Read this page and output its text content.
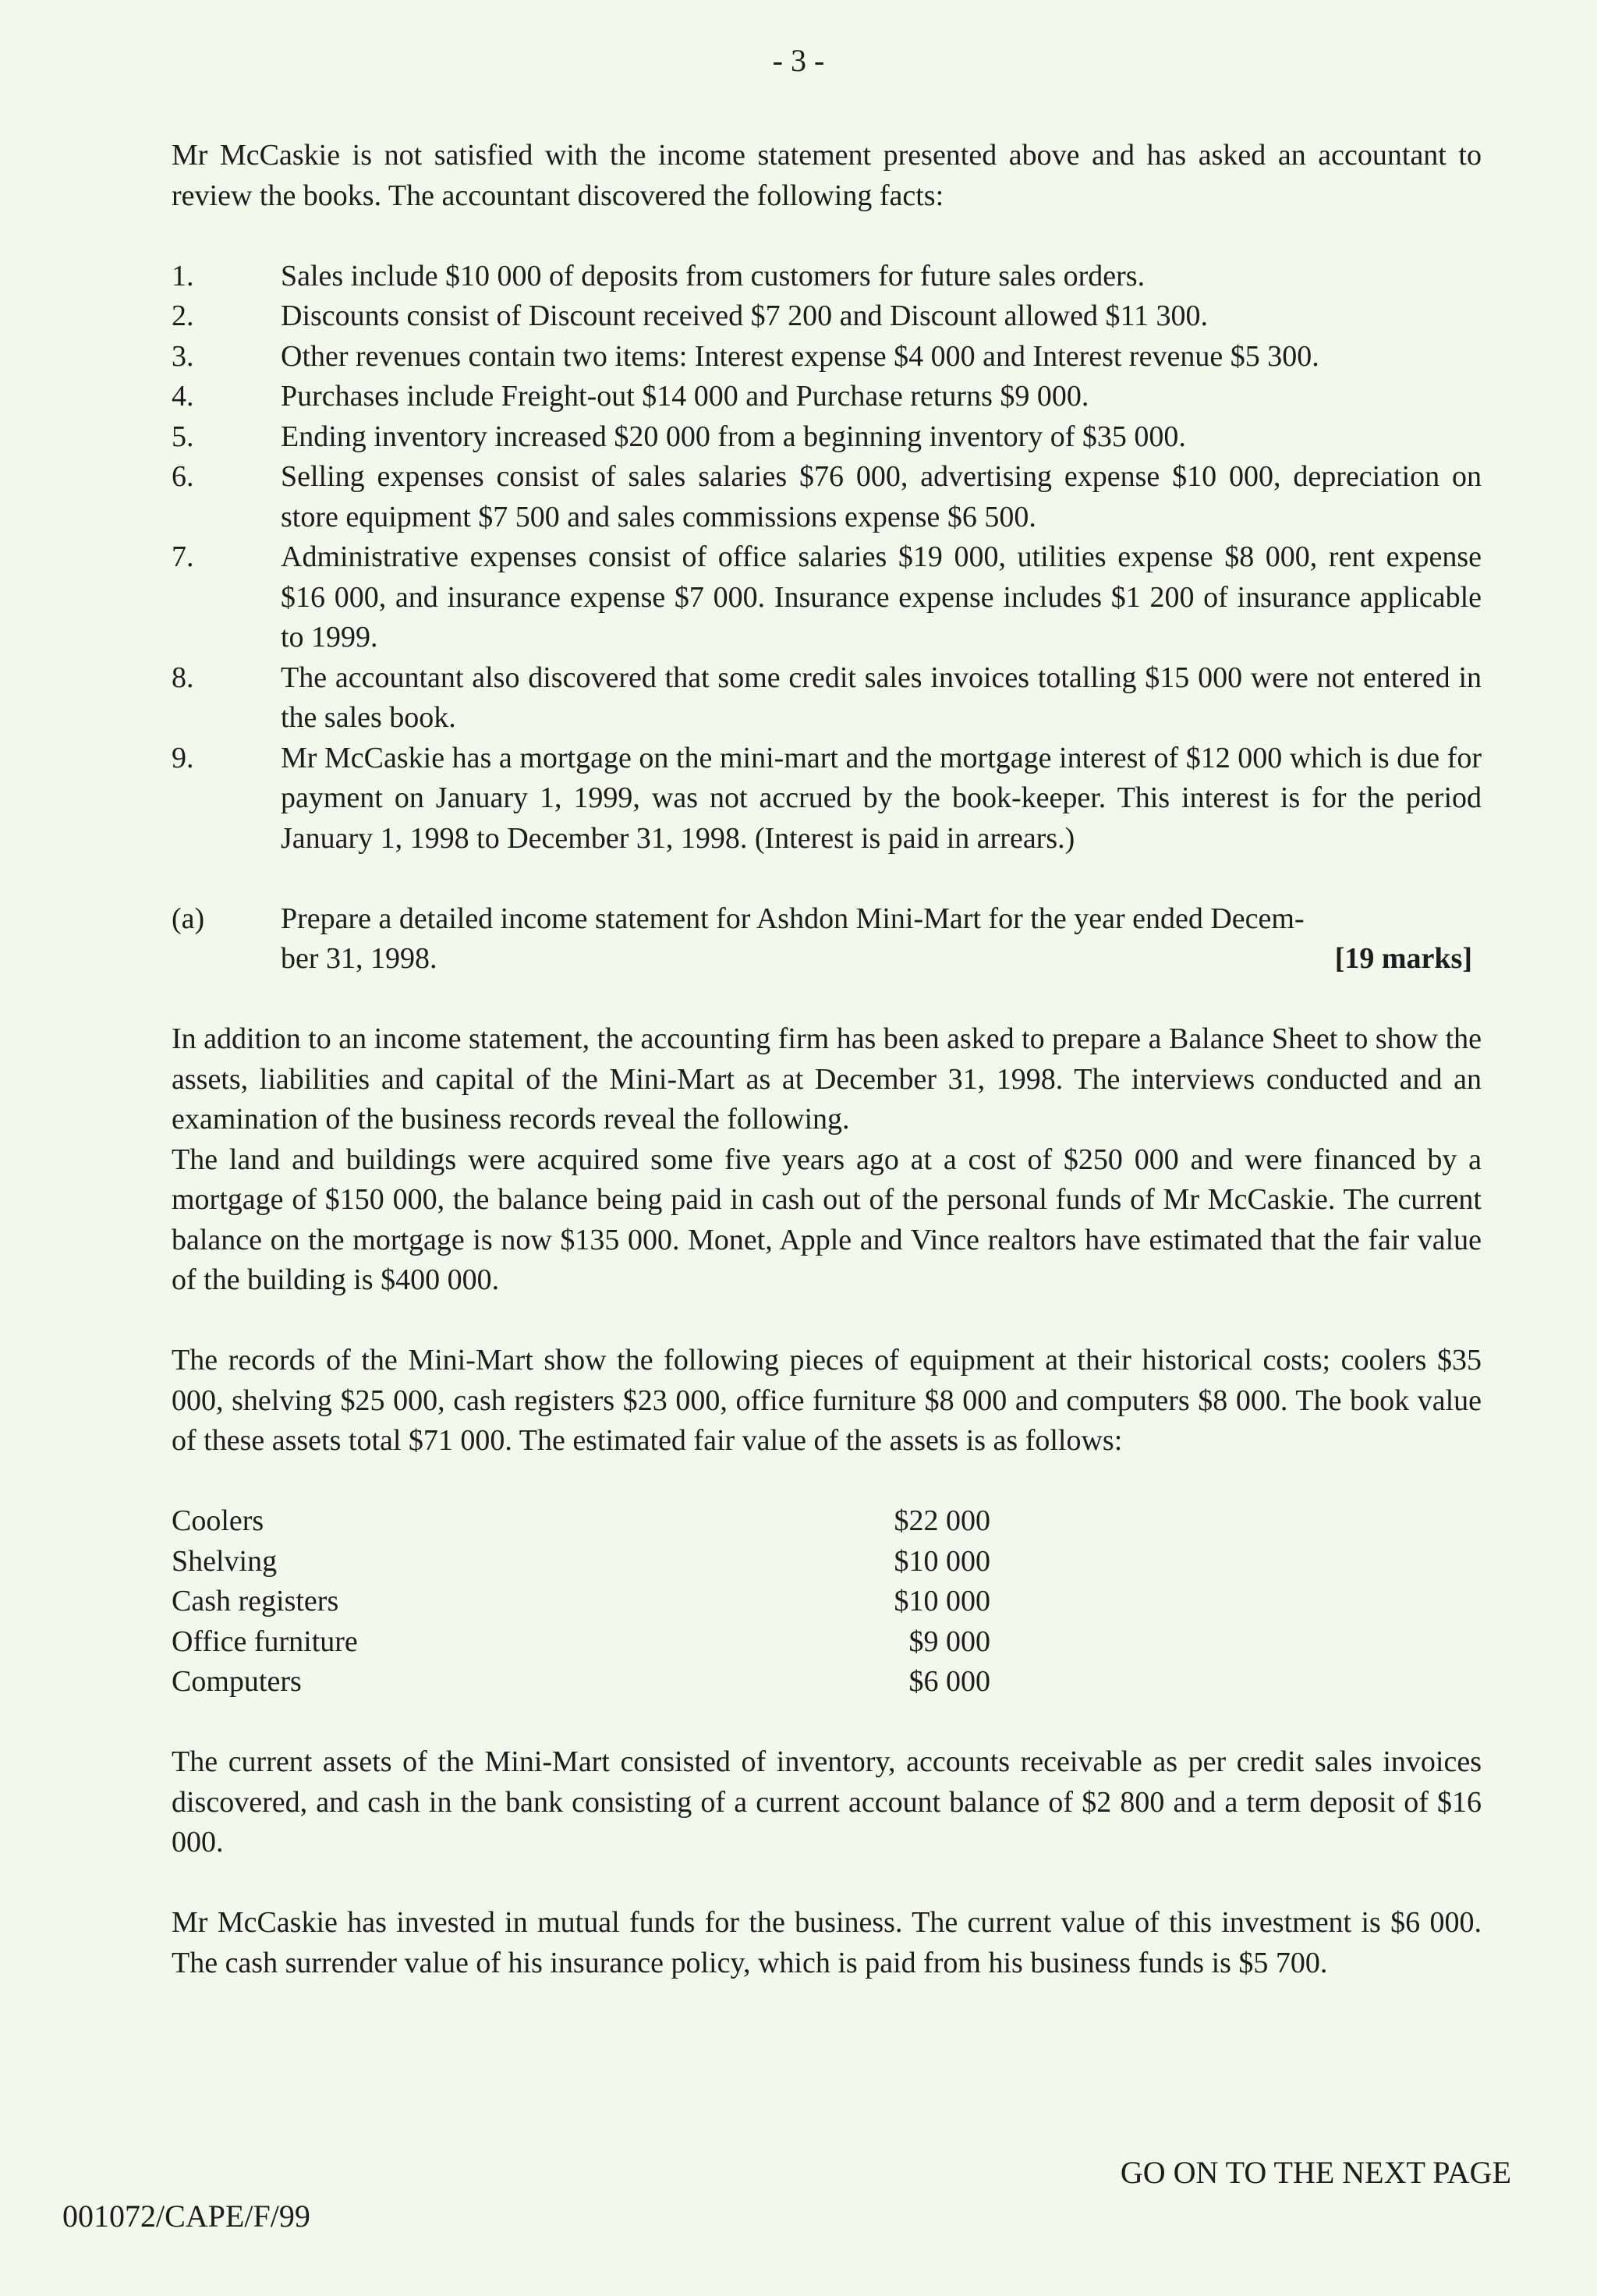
- 3 -

Mr McCaskie is not satisfied with the income statement presented above and has asked an accountant to review the books. The accountant discovered the following facts:

1.	Sales include $10 000 of deposits from customers for future sales orders.
2.	Discounts consist of Discount received $7 200 and Discount allowed $11 300.
3.	Other revenues contain two items: Interest expense $4 000 and Interest revenue $5 300.
4.	Purchases include Freight-out $14 000 and Purchase returns $9 000.
5.	Ending inventory increased $20 000 from a beginning inventory of $35 000.
6.	Selling expenses consist of sales salaries $76 000, advertising expense $10 000, depreciation on store equipment $7 500 and sales commissions expense $6 500.
7.	Administrative expenses consist of office salaries $19 000, utilities expense $8 000, rent expense $16 000, and insurance expense $7 000. Insurance expense includes $1 200 of insurance applicable to 1999.
8.	The accountant also discovered that some credit sales invoices totalling $15 000 were not entered in the sales book.
9.	Mr McCaskie has a mortgage on the mini-mart and the mortgage interest of $12 000 which is due for payment on January 1, 1999, was not accrued by the book-keeper. This interest is for the period January 1, 1998 to December 31, 1998. (Interest is paid in arrears.)
(a)	Prepare a detailed income statement for Ashdon Mini-Mart for the year ended Decem-
ber 31, 1998.	[19 marks]

In addition to an income statement, the accounting firm has been asked to prepare a Balance Sheet to show the assets, liabilities and capital of the Mini-Mart as at December 31, 1998. The interviews conducted and an examination of the business records reveal the following.

The land and buildings were acquired some five years ago at a cost of $250 000 and were financed by a mortgage of $150 000, the balance being paid in cash out of the personal funds of Mr McCaskie. The current balance on the mortgage is now $135 000. Monet, Apple and Vince realtors have estimated that the fair value of the building is $400 000.

The records of the Mini-Mart show the following pieces of equipment at their historical costs; coolers $35 000, shelving $25 000, cash registers $23 000, office furniture $8 000 and computers $8 000. The book value of these assets total $71 000. The estimated fair value of the assets is as follows:

Coolers	$22 000
Shelving	$10 000
Cash registers	$10 000
Office furniture	$9 000
Computers	$6 000

The current assets of the Mini-Mart consisted of inventory, accounts receivable as per credit sales invoices discovered, and cash in the bank consisting of a current account balance of $2 800 and a term deposit of $16 000.

Mr McCaskie has invested in mutual funds for the business. The current value of this investment is $6 000. The cash surrender value of his insurance policy, which is paid from his business funds is $5 700.

GO ON TO THE NEXT PAGE
001072/CAPE/F/99
